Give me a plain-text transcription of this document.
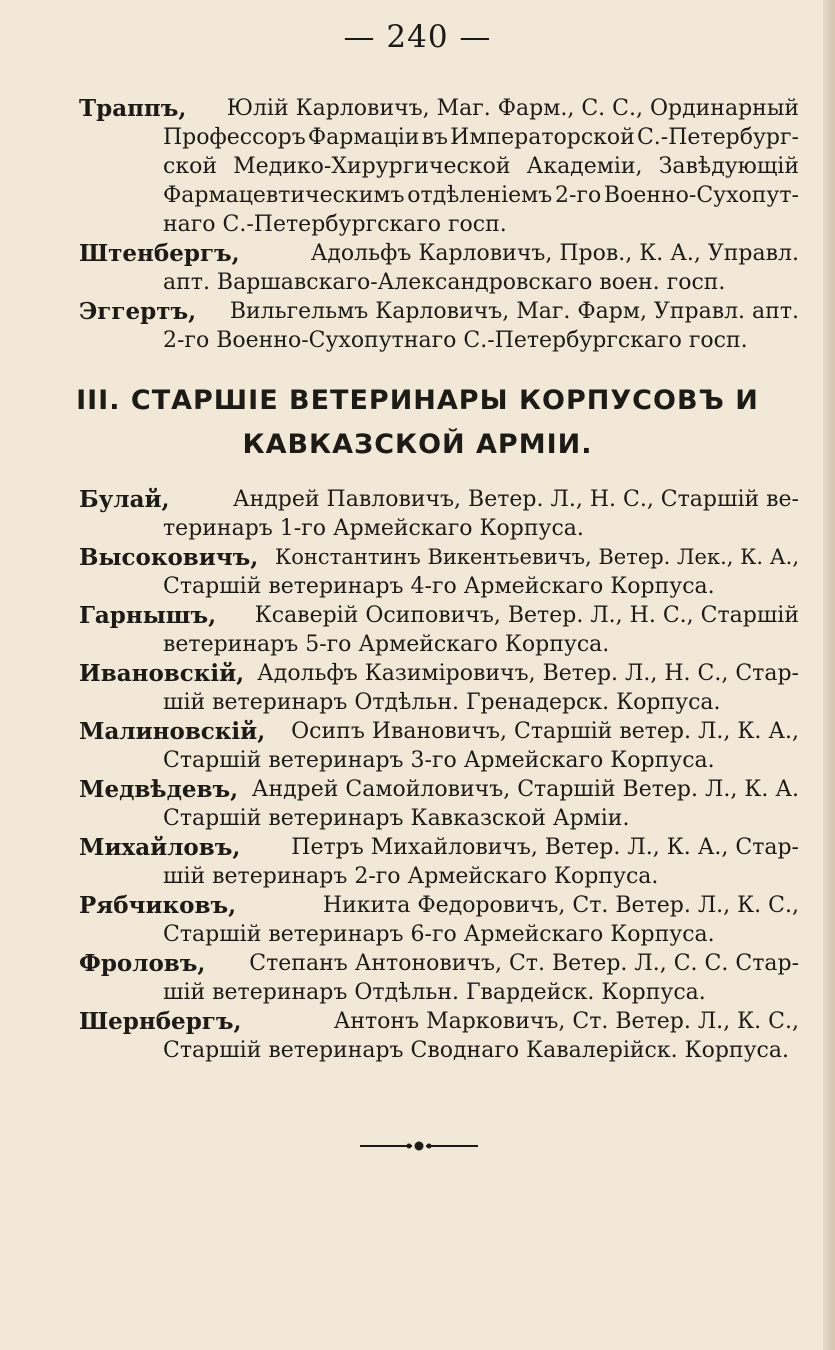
— 240 —
Траппъ, Юлій Карловичъ, Маг. Фарм., С. С., Ординарный
Профессоръ Фармаціи въ Императорской С.-Петербург-
ской Медико-Хирургической Академіи, Завѣдующій
Фармацевтическимъ отдѣленіемъ 2-го Военно-Сухопут-
наго С.-Петербургскаго госп.
Штенбергъ,	Адольфъ Карловичъ, Пров., К. А., Управл.
апт. Варшавскаго-Александровскаго воен. госп.
Эггертъ, Вильгельмъ Карловичъ, Маг. Фарм, Управл. апт.
2-го Военно-Сухопутнаго С.-Петербургскаго госп.
III. СТАРШІЕ ВЕТЕРИНАРЫ КОРПУСОВЪ И
КАВКАЗСКОЙ АРМІИ.
Булай,	Андрей Павловичъ, Ветер. Л., Н. С., Старшій ве-
теринаръ 1-го Армейскаго Корпуса.
Высоковичъ, Константинъ Викентьевичъ, Ветер. Лек., К. А.,
Старшій ветеринаръ 4-го Армейскаго Корпуса.
Гарнышъ, Ксаверій Осиповичъ, Ветер. Л., Н. С., Старшій
ветеринаръ 5-го Армейскаго Корпуса.
Ивановскій, Адольфъ Казиміровичъ, Ветер. Л., Н. С., Стар-
шій ветеринаръ Отдѣльн. Гренадерск. Корпуса.
Малиновскій, Осипъ Ивановичъ, Старшій ветер. Л., К. А.,
Старшій ветеринаръ 3-го Армейскаго Корпуса.
Медвѣдевъ, Андрей Самойловичъ, Старшій Ветер. Л., К. А.
Старшій ветеринаръ Кавказской Арміи.
Михайловъ, Петръ Михайловичъ, Ветер. Л., К. А., Стар-
шій ветеринаръ 2-го Армейскаго Корпуса.
Рябчиковъ,	Никита Федоровичъ, Ст. Ветер. Л., К. С.,
Старшій ветеринаръ 6-го Армейскаго Корпуса.
Фроловъ, Степанъ Антоновичъ, Ст. Ветер. Л., С. С. Стар-
шій ветеринаръ Отдѣльн. Гвардейск. Корпуса.
Шернбергъ,	Антонъ Марковичъ, Ст. Ветер. Л., К. С.,
Старшій ветеринаръ Своднаго Кавалерійск. Корпуса.
